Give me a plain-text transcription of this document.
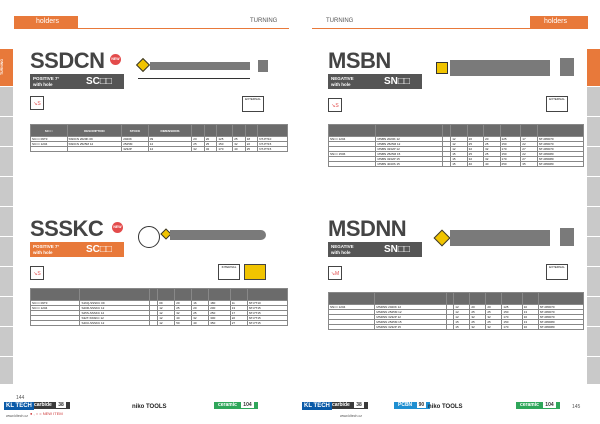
holders	TURNING
TURNING	SSDCN	NEW
POSITIVE 7°
with hole	SC□□
↘S
EXTERNAL
SC□□	DESCRIPTION	STOCK	DIMENSIONS						
SC□□ 09T3	SSDCN 2020K 09	2020K	09	20	20	125	25	18	NT-PT10
SC□□ 1204	SSDCN 2525M 12	2525M	12	25	25	150	32	22	NT-PT15
		3232P	12	32	32	170	40	25	NT-PT15
SSSKC	NEW
POSITIVE 7°
with hole	SC□□
↘S
INTERNAL

SC□□ 09T3	S16Q-SSSKC 09		09	20	16	180	11	NT-PT10
SC□□ 1204	S20R-SSSKC 12		12	25	20	200	13	NT-PT15
	S25S-SSSKC 12		12	32	25	250	17	NT-PT15
	S32T-SSSKC 12		12	40	32	300	22	NT-PT15
	S40U-SSSKC 12		12	50	40	350	27	NT-PT15
carbide 38	ceramic 104
● , ○ = NEW ITEM
KL TECH
144
www.kltech.cz
niko TOOLS
TURNING	holders
MSBN
NEGATIVE
with hole	SN□□
↘S
EXTERNAL

SN□□ 1204	MSBN 2020K 12		12	20	20	125	17	NT-080070
	MSBN 2525M 12		12	25	25	150	22	NT-080070
	MSBN 3232P 12		12	32	32	170	27	NT-080070
SN□□ 1506	MSBN 2525M 15		15	25	25	150	22	NT-080080
	MSBN 3232P 15		15	32	32	170	27	NT-080080
	MSBN 4040S 15		15	40	40	250	35	NT-080080
MSDNN
NEGATIVE
with hole	SN□□
↘M
EXTERNAL

SN□□ 1204	MSDNN 2020K 12		12	20	20	125	10	NT-080070
	MSDNN 2525M 12		12	25	25	150	13	NT-080070
	MSDNN 3232P 12		12	32	32	170	16	NT-080070
	MSDNN 2525M 15		15	25	25	150	13	NT-080080
	MSDNN 3232P 15		15	32	32	170	16	NT-080080
carbide 38	PCBN 90	ceramic 104
niko TOOLS	145
www.kltech.cz
KL TECH
